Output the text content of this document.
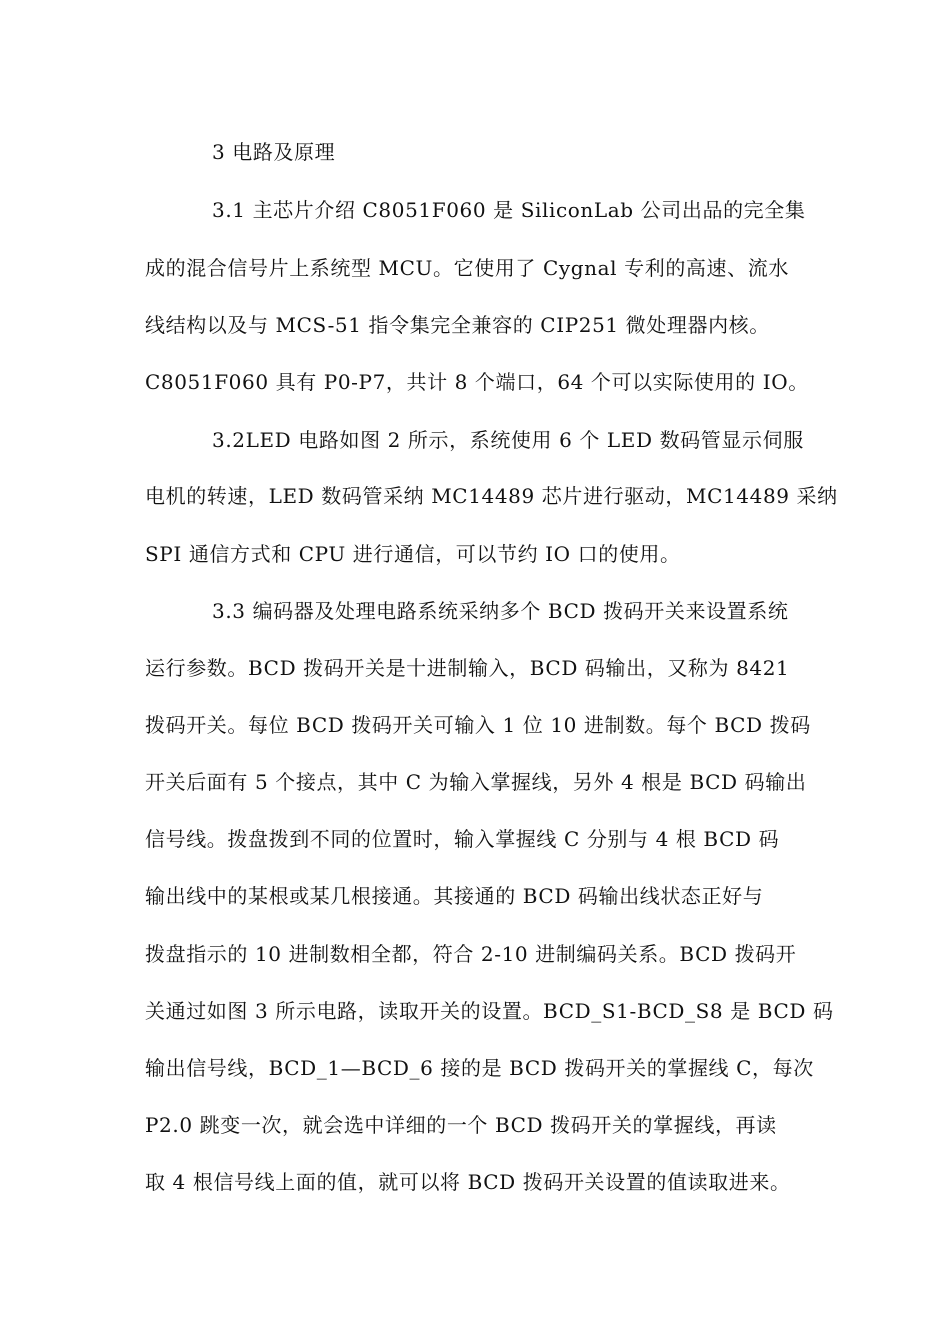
3 电路及原理
3.1 主芯片介绍 C8051F060 是 SiliconLab 公司出品的完全集
成的混合信号片上系统型 MCU。它使用了 Cygnal 专利的高速、流水
线结构以及与 MCS-51 指令集完全兼容的 CIP251 微处理器内核。
C8051F060 具有 P0-P7，共计 8 个端口，64 个可以实际使用的 IO。
3.2LED 电路如图 2 所示，系统使用 6 个 LED 数码管显示伺服
电机的转速，LED 数码管采纳 MC14489 芯片进行驱动，MC14489 采纳
SPI 通信方式和 CPU 进行通信，可以节约 IO 口的使用。
3.3 编码器及处理电路系统采纳多个 BCD 拨码开关来设置系统
运行参数。BCD 拨码开关是十进制输入，BCD 码输出，又称为 8421
拨码开关。每位 BCD 拨码开关可输入 1 位 10 进制数。每个 BCD 拨码
开关后面有 5 个接点，其中 C 为输入掌握线，另外 4 根是 BCD 码输出
信号线。拨盘拨到不同的位置时，输入掌握线 C 分别与 4 根 BCD 码
输出线中的某根或某几根接通。其接通的 BCD 码输出线状态正好与
拨盘指示的 10 进制数相全都，符合 2-10 进制编码关系。BCD 拨码开
关通过如图 3 所示电路，读取开关的设置。BCD_S1-BCD_S8 是 BCD 码
输出信号线，BCD_1—BCD_6 接的是 BCD 拨码开关的掌握线 C，每次
P2.0 跳变一次，就会选中详细的一个 BCD 拨码开关的掌握线，再读
取 4 根信号线上面的值，就可以将 BCD 拨码开关设置的值读取进来。
